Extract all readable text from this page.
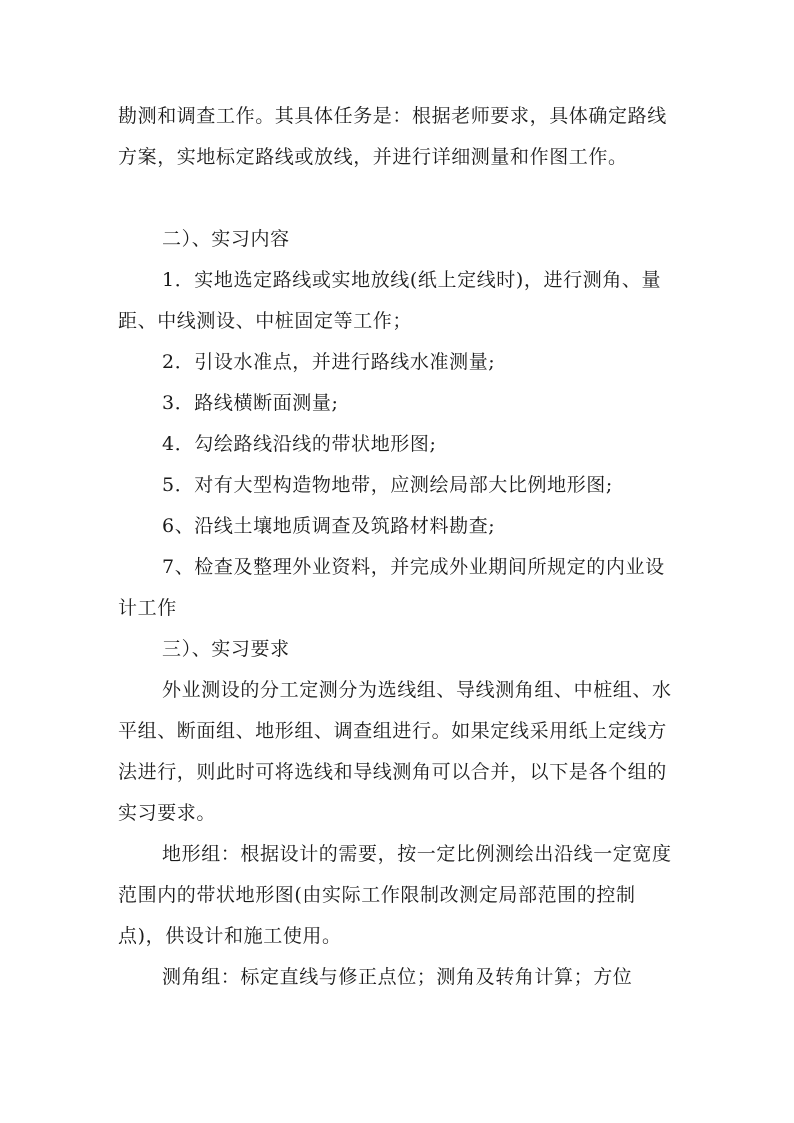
勘测和调查工作。其具体任务是：根据老师要求，具体确定路线方案，实地标定路线或放线，并进行详细测量和作图工作。

二）、实习内容

1．实地选定路线或实地放线(纸上定线时)，进行测角、量距、中线测设、中桩固定等工作；

2．引设水准点，并进行路线水准测量;

3．路线横断面测量;

4．勾绘路线沿线的带状地形图;

5．对有大型构造物地带，应测绘局部大比例地形图;

6、沿线土壤地质调查及筑路材料勘查;

7、检查及整理外业资料，并完成外业期间所规定的内业设计工作

三）、实习要求

外业测设的分工定测分为选线组、导线测角组、中桩组、水平组、断面组、地形组、调查组进行。如果定线采用纸上定线方法进行，则此时可将选线和导线测角可以合并，以下是各个组的实习要求。

地形组：根据设计的需要，按一定比例测绘出沿线一定宽度范围内的带状地形图(由实际工作限制改测定局部范围的控制点)，供设计和施工使用。

测角组：标定直线与修正点位；测角及转角计算；方位
